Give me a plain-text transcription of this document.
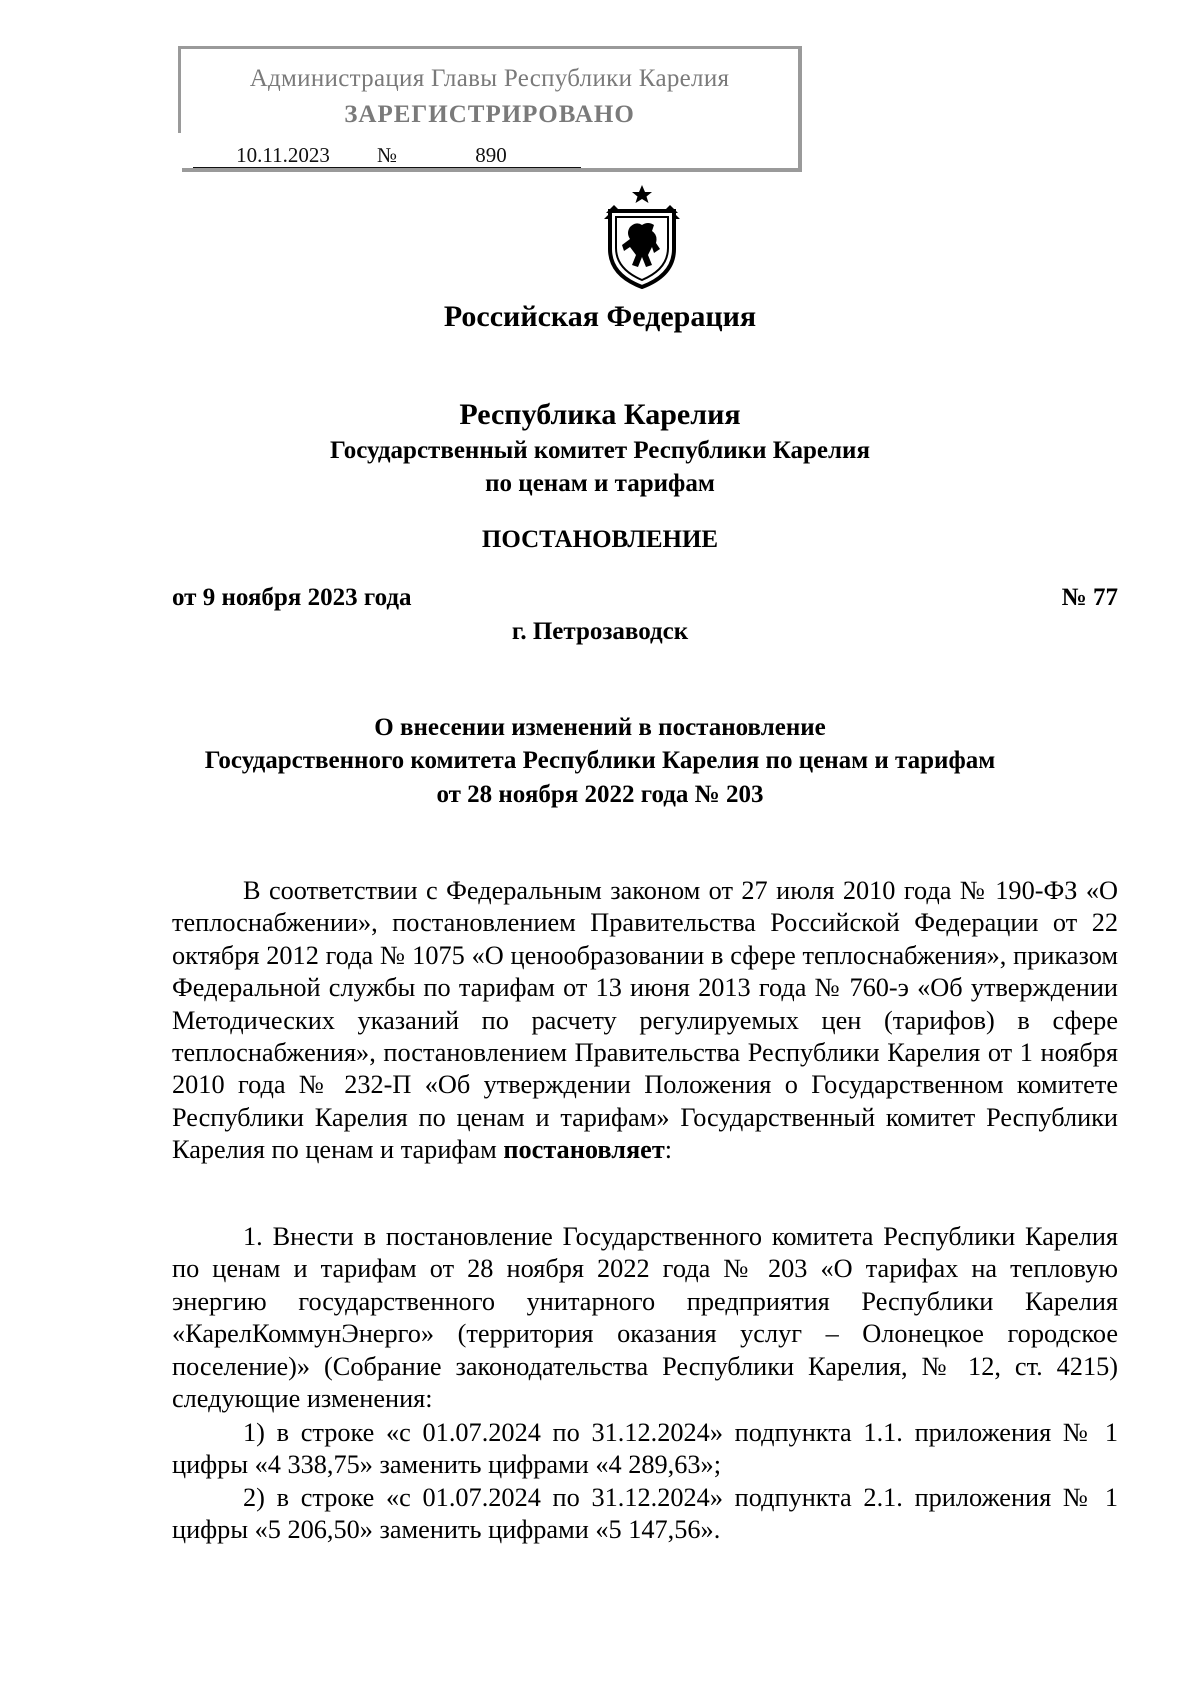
Администрация Главы Республики Карелия
ЗАРЕГИСТРИРОВАНО
10.11.2023 №	890
Российская Федерация
Республика Карелия
Государственный комитет Республики Карелия
по ценам и тарифам
ПОСТАНОВЛЕНИЕ
от 9 ноября 2023 года	№ 77
г. Петрозаводск
О внесении изменений в постановление
Государственного комитета Республики Карелия по ценам и тарифам
от 28 ноября 2022 года № 203
В соответствии с Федеральным законом от 27 июля 2010 года № 190-ФЗ «О теплоснабжении», постановлением Правительства Российской Федерации от 22 октября 2012 года № 1075 «О ценообразовании в сфере теплоснабжения», приказом Федеральной службы по тарифам от 13 июня 2013 года № 760-э «Об утверждении Методических указаний по расчету регулируемых цен (тарифов) в сфере теплоснабжения», постановлением Правительства Республики Карелия от 1 ноября 2010 года № 232-П «Об утверждении Положения о Государственном комитете Республики Карелия по ценам и тарифам» Государственный комитет Республики Карелия по ценам и тарифам постановляет:
1. Внести в постановление Государственного комитета Республики Карелия по ценам и тарифам от 28 ноября 2022 года № 203 «О тарифах на тепловую энергию государственного унитарного предприятия Республики Карелия «КарелКоммунЭнерго» (территория оказания услуг – Олонецкое городское поселение)» (Собрание законодательства Республики Карелия, № 12, ст. 4215) следующие изменения:
1) в строке «с 01.07.2024 по 31.12.2024» подпункта 1.1. приложения № 1 цифры «4 338,75» заменить цифрами «4 289,63»;
2) в строке «с 01.07.2024 по 31.12.2024» подпункта 2.1. приложения № 1 цифры «5 206,50» заменить цифрами «5 147,56».
